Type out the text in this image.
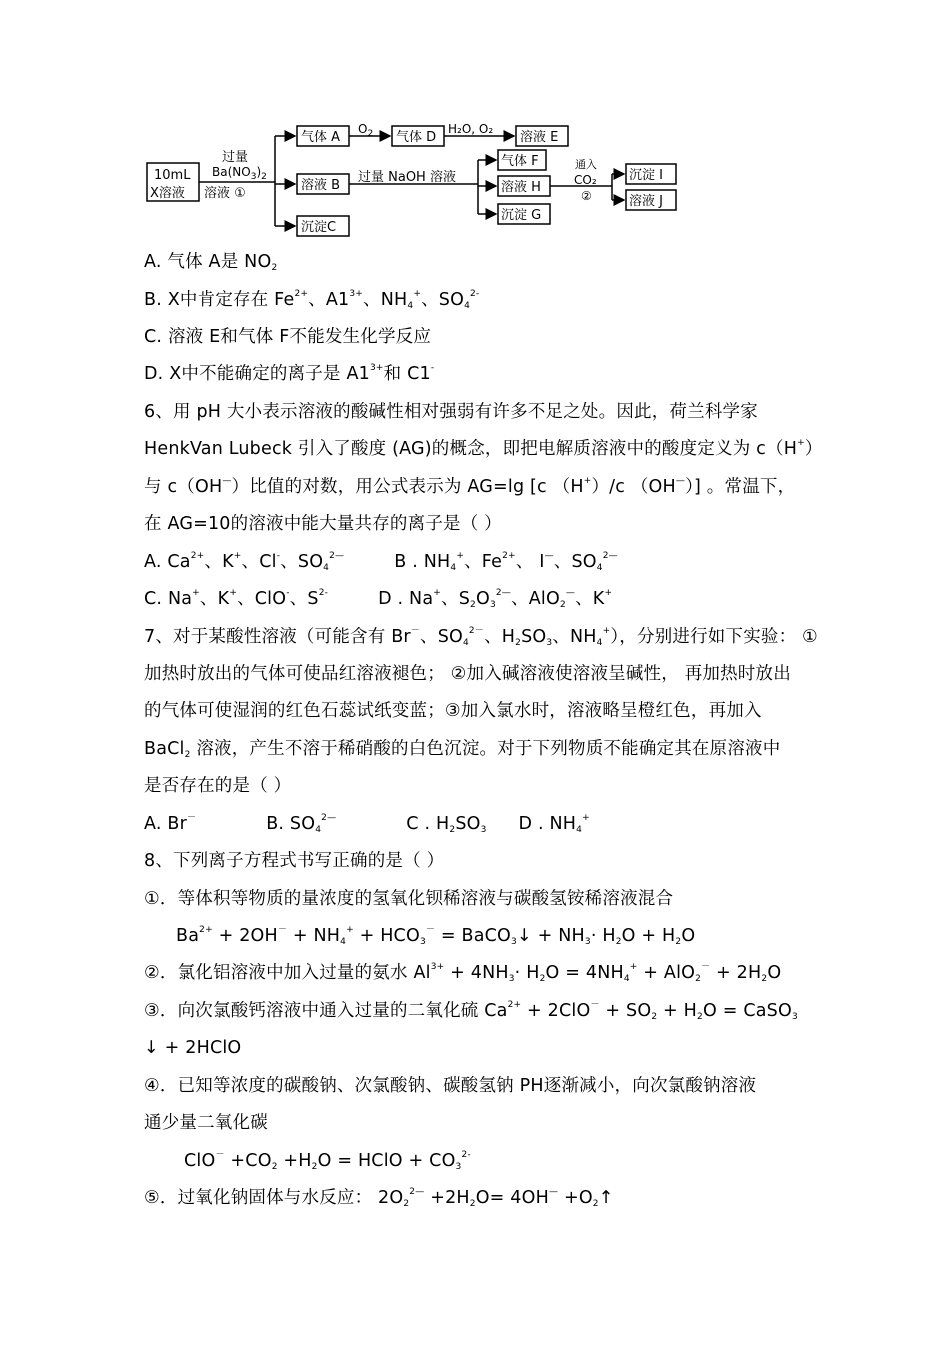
10mL
X溶液
过量
$Ba(NO_3)_2$
溶液 ①
气体 A
$O_2$ 气体 D
H₂O, O₂
溶液 E
溶液 B
过量 NaOH 溶液
沉淀C
气体 F
溶液 H
沉淀 G
通入
CO₂
②
沉淀 I
溶液 J
A. 气体 A是 $NO_2$
B. X中肯定存在 $Fe^{2+}$、$A1^{3+}$、$NH_4^+$、$SO_4^{2-}$
C. 溶液 E和气体 F不能发生化学反应
D. X中不能确定的离子是 $A1^{3+}$和 C1-
6、用 pH 大小表示溶液的酸碱性相对强弱有许多不足之处。因此，荷兰科学家
HenkVan Lubeck 引入了酸度 (AG)的概念，即把电解质溶液中的酸度定义为 c（H+）
与 c（OH—）比值的对数，用公式表示为 AG=lg [c （H+）/c （OH—）] 。常温下，
在 AG=10的溶液中能大量共存的离子是（ ）
A. $Ca^{2+}$、K+、Cl-、$SO_4^{2—}$	B . $NH_4^+$、$Fe^{2+}$、 I—、$SO_4^{2—}$
C. Na+、K+、ClO-、$S^{2-}$	D . Na+、$S_2O_3^{2—}$、AlO$_2$—、K+
7、对于某酸性溶液（可能含有 Br－、$SO_4^{2-}$、$H_2SO_3$、$NH_4^+$），分别进行如下实验： ①
加热时放出的气体可使品红溶液褪色； ②加入碱溶液使溶液呈碱性， 再加热时放出
的气体可使湿润的红色石蕊试纸变蓝；③加入氯水时，溶液略呈橙红色，再加入
BaCl$_2$ 溶液，产生不溶于稀硝酸的白色沉淀。对于下列物质不能确定其在原溶液中
是否存在的是（ ）
A. Br－	B. $SO_4^{2—}$	C . $H_2SO_3$ D . $NH_4^+$
8、下列离子方程式书写正确的是（ ）
①．等体积等物质的量浓度的氢氧化钡稀溶液与碳酸氢铵稀溶液混合
$Ba^{2+} + 2OH^- + NH_4^+ + HCO_3^-$ = BaCO$_3$↓ + $NH_3\cdot H_2O + H_2O$
②．氯化铝溶液中加入过量的氨水 $Al^{3+} + 4NH_3\cdot H_2O = 4NH_4^+ + AlO_2^- + 2H_2O$
③．向次氯酸钙溶液中通入过量的二氧化硫 $Ca^{2+} + 2ClO^- + SO_2 + H_2O$ = CaSO$_3$
↓ + 2HClO
④．已知等浓度的碳酸钠、次氯酸钠、碳酸氢钠 PH逐渐减小，向次氯酸钠溶液
通少量二氧化碳
$ClO^- +CO_2 +H_2O$ = HClO + $CO_3^{2-}$
⑤．过氧化钠固体与水反应： $2O_2^{2—} +2H_2O= 4OH^—$ $+O_2↑$
